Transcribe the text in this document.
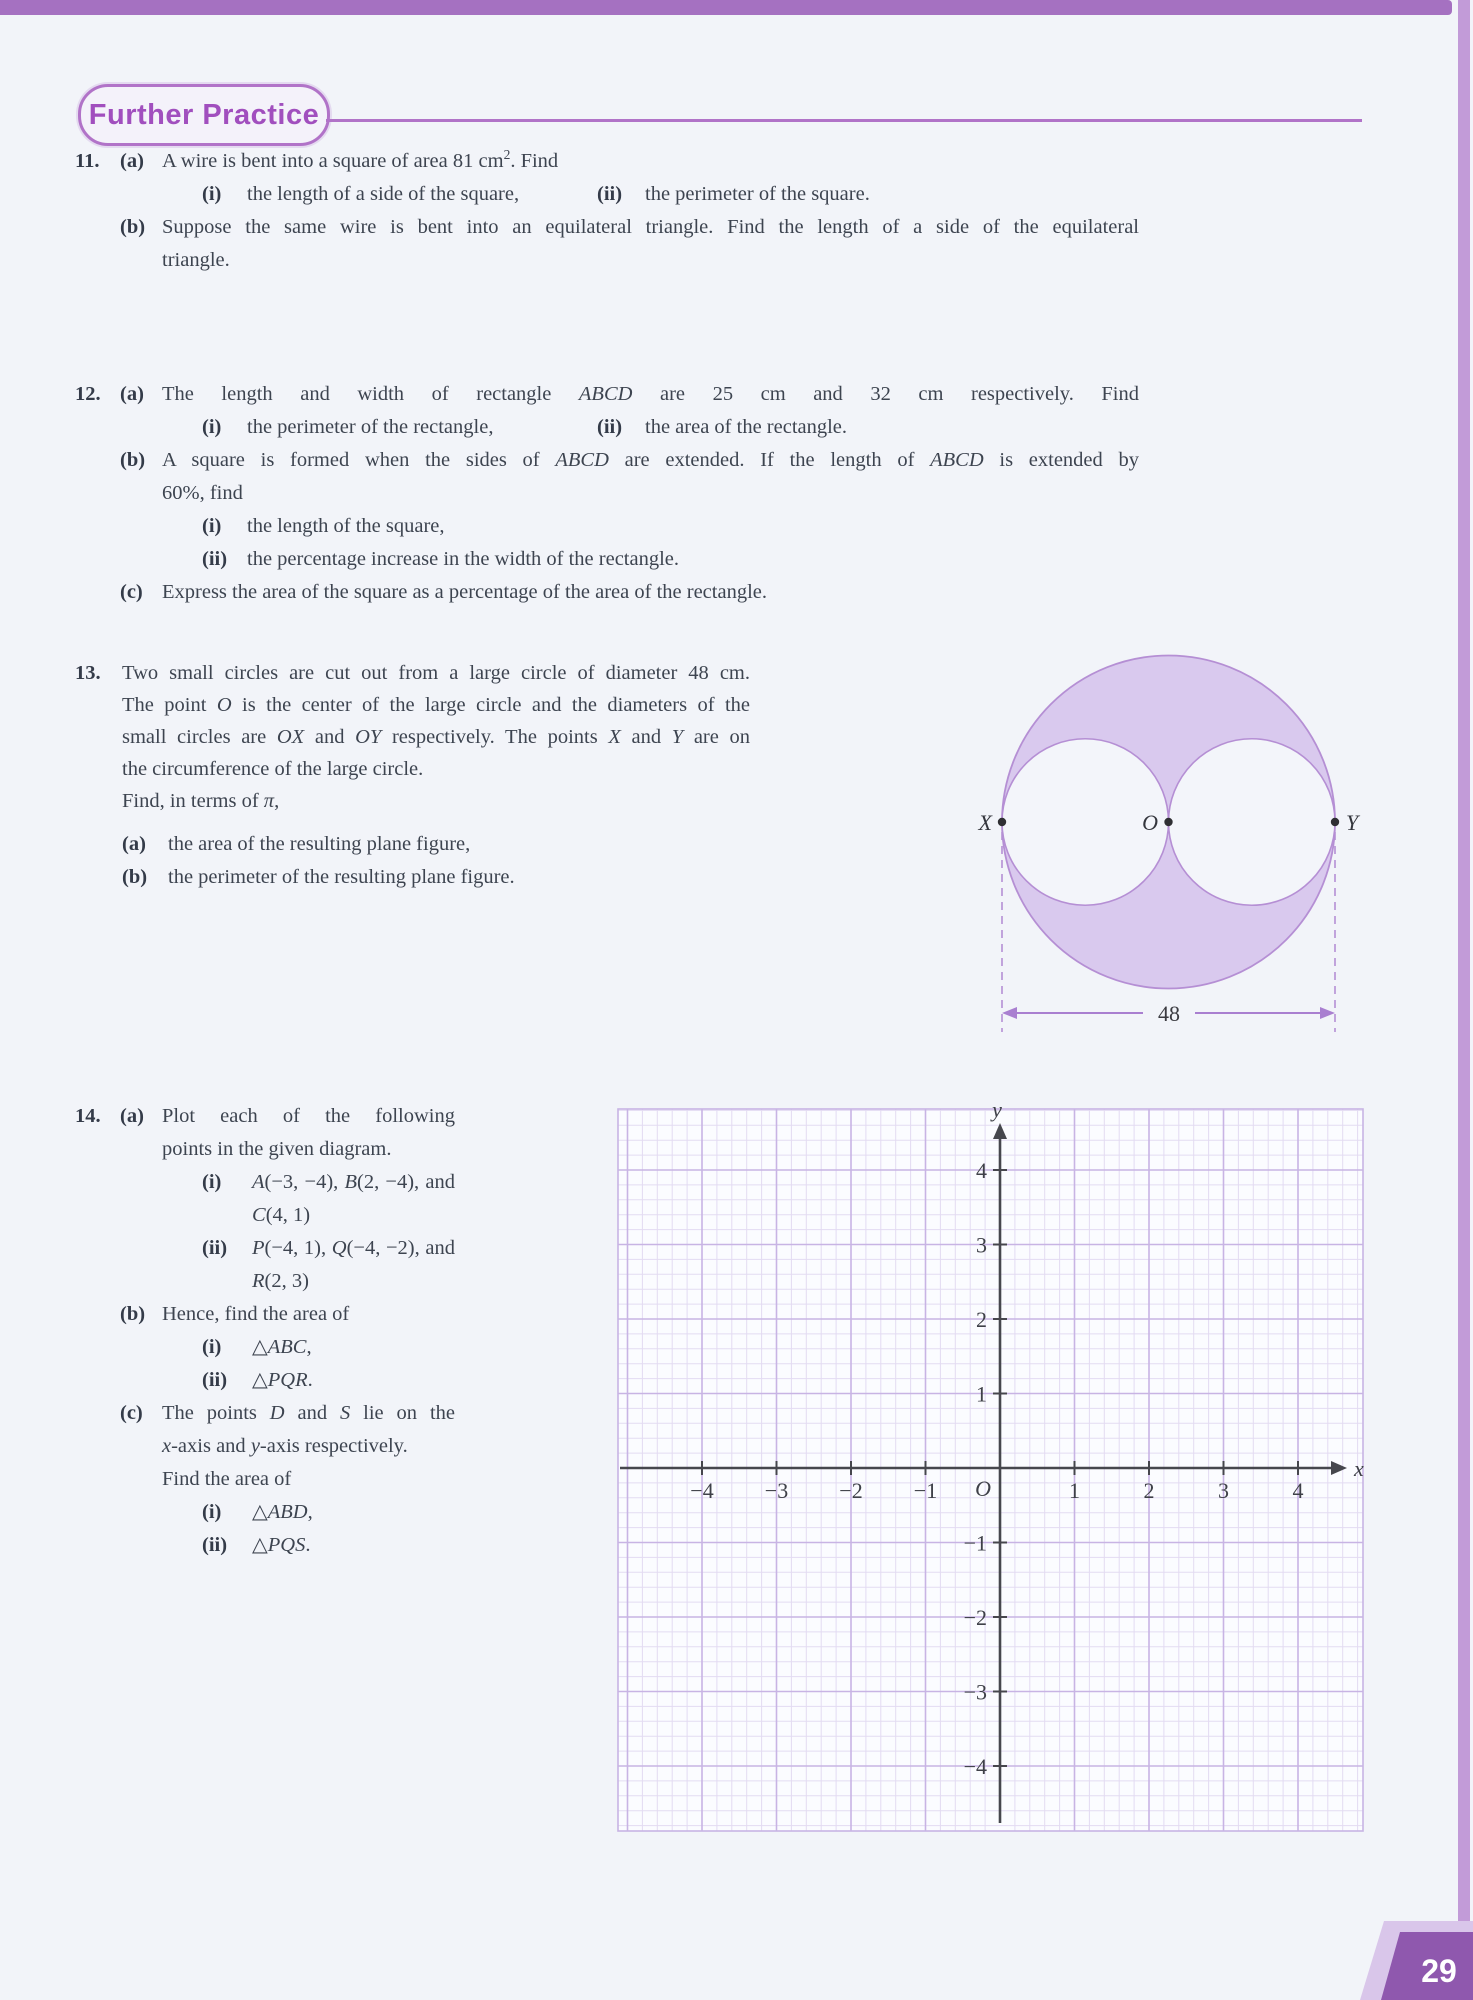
Further Practice
11. (a) A wire is bent into a square of area 81 $cm^2$. Find
(i) the length of a side of the square,	(ii) the perimeter of the square.
(b) Suppose the same wire is bent into an equilateral triangle. Find the length of a side of the equilateral
triangle.
12. (a) The length and width of rectangle ABCD are 25 cm and 32 cm respectively. Find
(i) the perimeter of the rectangle,	(ii) the area of the rectangle.
(b) A square is formed when the sides of ABCD are extended. If the length of ABCD is extended by
60%, find
(i) the length of the square,
(ii) the percentage increase in the width of the rectangle.
(c) Express the area of the square as a percentage of the area of the rectangle.
13. Two small circles are cut out from a large circle of diameter 48 cm.
The point O is the center of the large circle and the diameters of the
small circles are OX and OY respectively. The points X and Y are on
the circumference of the large circle.
Find, in terms of π,
(a) the area of the resulting plane figure,
(b) the perimeter of the resulting plane figure.
14. (a) Plot each of the following
points in the given diagram.
(i) A(−3, −4), B(2, −4), and
C(4, 1)
(ii) P(−4, 1), Q(−4, −2), and
R(2, 3)
(b) Hence, find the area of
(i) △ABC,
(ii) △PQR.
(c) The points D and S lie on the
x-axis and y-axis respectively.
Find the area of
(i) △ABD,
(ii) △PQS.
X	O	Y
48
−4 −3 −2 −1	1	2	3	4
4
3
2
1
−1
−2
−3
−4
O
x
y
29
